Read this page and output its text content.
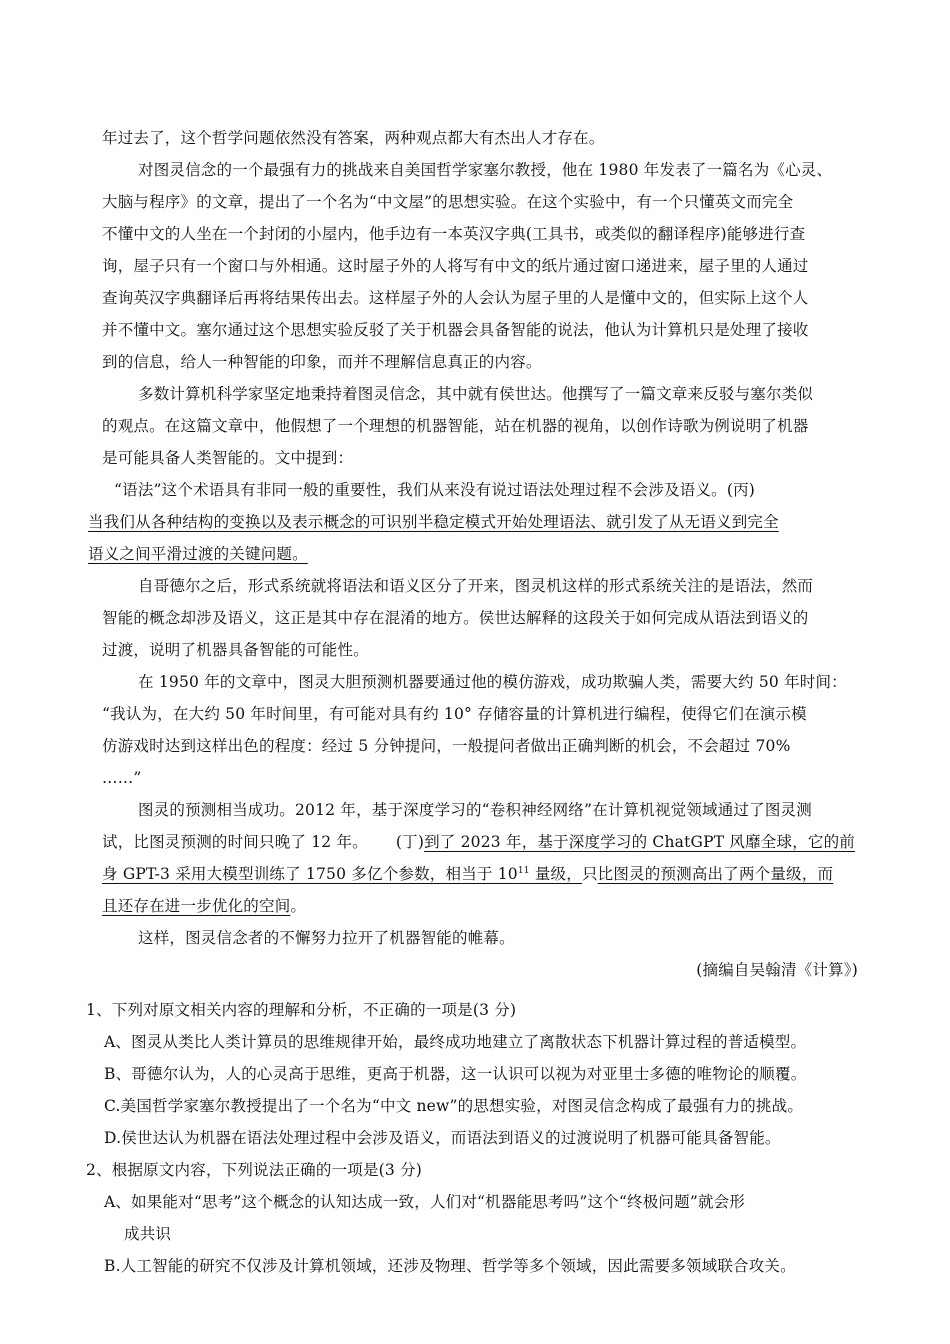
年过去了，这个哲学问题依然没有答案，两种观点都大有杰出人才存在。
对图灵信念的一个最强有力的挑战来自美国哲学家塞尔教授，他在 1980 年发表了一篇名为《心灵、
大脑与程序》的文章，提出了一个名为“中文屋”的思想实验。在这个实验中，有一个只懂英文而完全
不懂中文的人坐在一个封闭的小屋内，他手边有一本英汉字典(工具书，或类似的翻译程序)能够进行查
询，屋子只有一个窗口与外相通。这时屋子外的人将写有中文的纸片通过窗口递进来，屋子里的人通过
查询英汉字典翻译后再将结果传出去。这样屋子外的人会认为屋子里的人是懂中文的，但实际上这个人
并不懂中文。塞尔通过这个思想实验反驳了关于机器会具备智能的说法，他认为计算机只是处理了接收
到的信息，给人一种智能的印象，而并不理解信息真正的内容。
多数计算机科学家坚定地秉持着图灵信念，其中就有侯世达。他撰写了一篇文章来反驳与塞尔类似
的观点。在这篇文章中，他假想了一个理想的机器智能，站在机器的视角，以创作诗歌为例说明了机器
是可能具备人类智能的。文中提到：
“语法”这个术语具有非同一般的重要性，我们从来没有说过语法处理过程不会涉及语义。(丙)
当我们从各种结构的变换以及表示概念的可识别半稳定模式开始处理语法、就引发了从无语义到完全
语义之间平滑过渡的关键问题。
自哥德尔之后，形式系统就将语法和语义区分了开来，图灵机这样的形式系统关注的是语法，然而
智能的概念却涉及语义，这正是其中存在混淆的地方。侯世达解释的这段关于如何完成从语法到语义的
过渡，说明了机器具备智能的可能性。
在 1950 年的文章中，图灵大胆预测机器要通过他的模仿游戏，成功欺骗人类，需要大约 50 年时间：
“我认为，在大约 50 年时间里，有可能对具有约 10° 存储容量的计算机进行编程，使得它们在演示模
仿游戏时达到这样出色的程度：经过 5 分钟提问，一般提问者做出正确判断的机会，不会超过 70%
……”
图灵的预测相当成功。2012 年，基于深度学习的“卷积神经网络”在计算机视觉领域通过了图灵测
试，比图灵预测的时间只晚了 12 年。 (丁)到了 2023 年，基于深度学习的 ChatGPT 风靡全球，它的前
身 GPT-3 采用大模型训练了 1750 多亿个参数，相当于 $10^{11}$ 量级，只比图灵的预测高出了两个量级，而
且还存在进一步优化的空间。
这样，图灵信念者的不懈努力拉开了机器智能的帷幕。
(摘编自吴翰清《计算》)
1、下列对原文相关内容的理解和分析，不正确的一项是(3 分)
A、图灵从类比人类计算员的思维规律开始，最终成功地建立了离散状态下机器计算过程的普适模型。
B、哥德尔认为，人的心灵高于思维，更高于机器，这一认识可以视为对亚里士多德的唯物论的顺覆。
C.美国哲学家塞尔教授提出了一个名为“中文 new”的思想实验，对图灵信念构成了最强有力的挑战。
D.侯世达认为机器在语法处理过程中会涉及语义，而语法到语义的过渡说明了机器可能具备智能。
2、根据原文内容，下列说法正确的一项是(3 分)
A、如果能对“思考”这个概念的认知达成一致，人们对“机器能思考吗”这个“终极问题”就会形
成共识
B.人工智能的研究不仅涉及计算机领域，还涉及物理、哲学等多个领域，因此需要多领域联合攻关。
